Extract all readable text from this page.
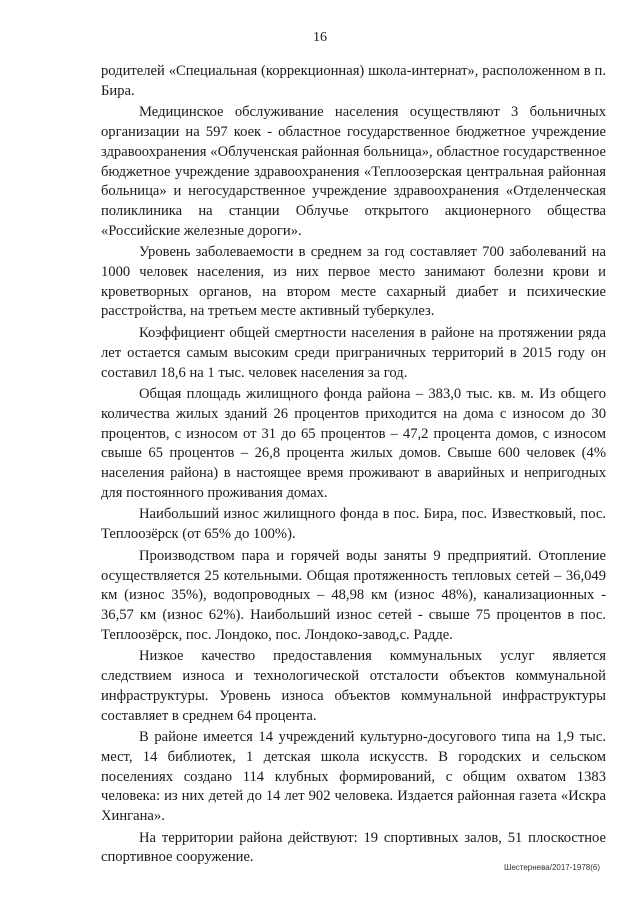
16

родителей «Специальная (коррекционная) школа-интернат», расположенном в п. Бира.

Медицинское обслуживание населения осуществляют 3 больничных организации на 597 коек - областное государственное бюджетное учреждение здравоохранения «Облученская районная больница», областное государственное бюджетное учреждение здравоохранения «Теплоозерская центральная районная больница» и негосударственное учреждение здравоохранения «Отделенческая поликлиника на станции Облучье открытого акционерного общества «Российские железные дороги».

Уровень заболеваемости в среднем за год составляет 700 заболеваний на 1000 человек населения, из них первое место занимают болезни крови и кроветворных органов, на втором месте сахарный диабет и психические расстройства, на третьем месте активный туберкулез.

Коэффициент общей смертности населения в районе на протяжении ряда лет остается самым высоким среди приграничных территорий в 2015 году он составил 18,6 на 1 тыс. человек населения за год.

Общая площадь жилищного фонда района – 383,0 тыс. кв. м. Из общего количества жилых зданий 26 процентов приходится на дома с износом до 30 процентов, с износом от 31 до 65 процентов – 47,2 процента домов, с износом свыше 65 процентов – 26,8 процента жилых домов. Свыше 600 человек (4% населения района) в настоящее время проживают в аварийных и непригодных для постоянного проживания домах.

Наибольший износ жилищного фонда в пос. Бира, пос. Известковый, пос. Теплоозёрск (от 65% до 100%).

Производством пара и горячей воды заняты 9 предприятий. Отопление осуществляется 25 котельными. Общая протяженность тепловых сетей – 36,049 км (износ 35%), водопроводных – 48,98 км (износ 48%), канализационных - 36,57 км (износ 62%). Наибольший износ сетей - свыше 75 процентов в пос. Теплоозёрск, пос. Лондоко, пос. Лондоко-завод,с. Радде.

Низкое качество предоставления коммунальных услуг является следствием износа и технологической отсталости объектов коммунальной инфраструктуры. Уровень износа объектов коммунальной инфраструктуры составляет в среднем 64 процента.

В районе имеется 14 учреждений культурно-досугового типа на 1,9 тыс. мест, 14 библиотек, 1 детская школа искусств. В городских и сельском поселениях создано 114 клубных формирований, с общим охватом 1383 человека: из них детей до 14 лет 902 человека. Издается районная газета «Искра Хингана».

На территории района действуют: 19 спортивных залов, 51 плоскостное спортивное сооружение.

Шестернева/2017-1978(6)
